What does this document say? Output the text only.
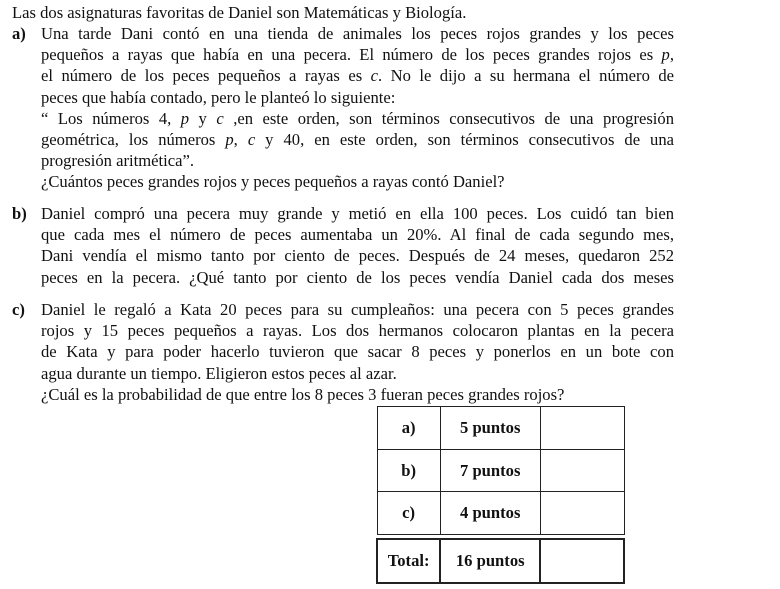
Las dos asignaturas favoritas de Daniel son Matemáticas y Biología.
a) Una tarde Dani contó en una tienda de animales los peces rojos grandes y los peces
pequeños a rayas que había en una pecera. El número de los peces grandes rojos es p,
el número de los peces pequeños a rayas es c. No le dijo a su hermana el número de
peces que había contado, pero le planteó lo siguiente:
“ Los números 4, p y c ,en este orden, son términos consecutivos de una progresión
geométrica, los números p, c y 40, en este orden, son términos consecutivos de una
progresión aritmética”.
¿Cuántos peces grandes rojos y peces pequeños a rayas contó Daniel?
b) Daniel compró una pecera muy grande y metió en ella 100 peces. Los cuidó tan bien
que cada mes el número de peces aumentaba un 20%. Al final de cada segundo mes,
Dani vendía el mismo tanto por ciento de peces. Después de 24 meses, quedaron 252
peces en la pecera. ¿Qué tanto por ciento de los peces vendía Daniel cada dos meses
c) Daniel le regaló a Kata 20 peces para su cumpleaños: una pecera con 5 peces grandes
rojos y 15 peces pequeños a rayas. Los dos hermanos colocaron plantas en la pecera
de Kata y para poder hacerlo tuvieron que sacar 8 peces y ponerlos en un bote con
agua durante un tiempo. Eligieron estos peces al azar.
¿Cuál es la probabilidad de que entre los 8 peces 3 fueran peces grandes rojos?
a)	5 puntos	
b)	7 puntos	
c)	4 puntos	

Total:	16 puntos	
